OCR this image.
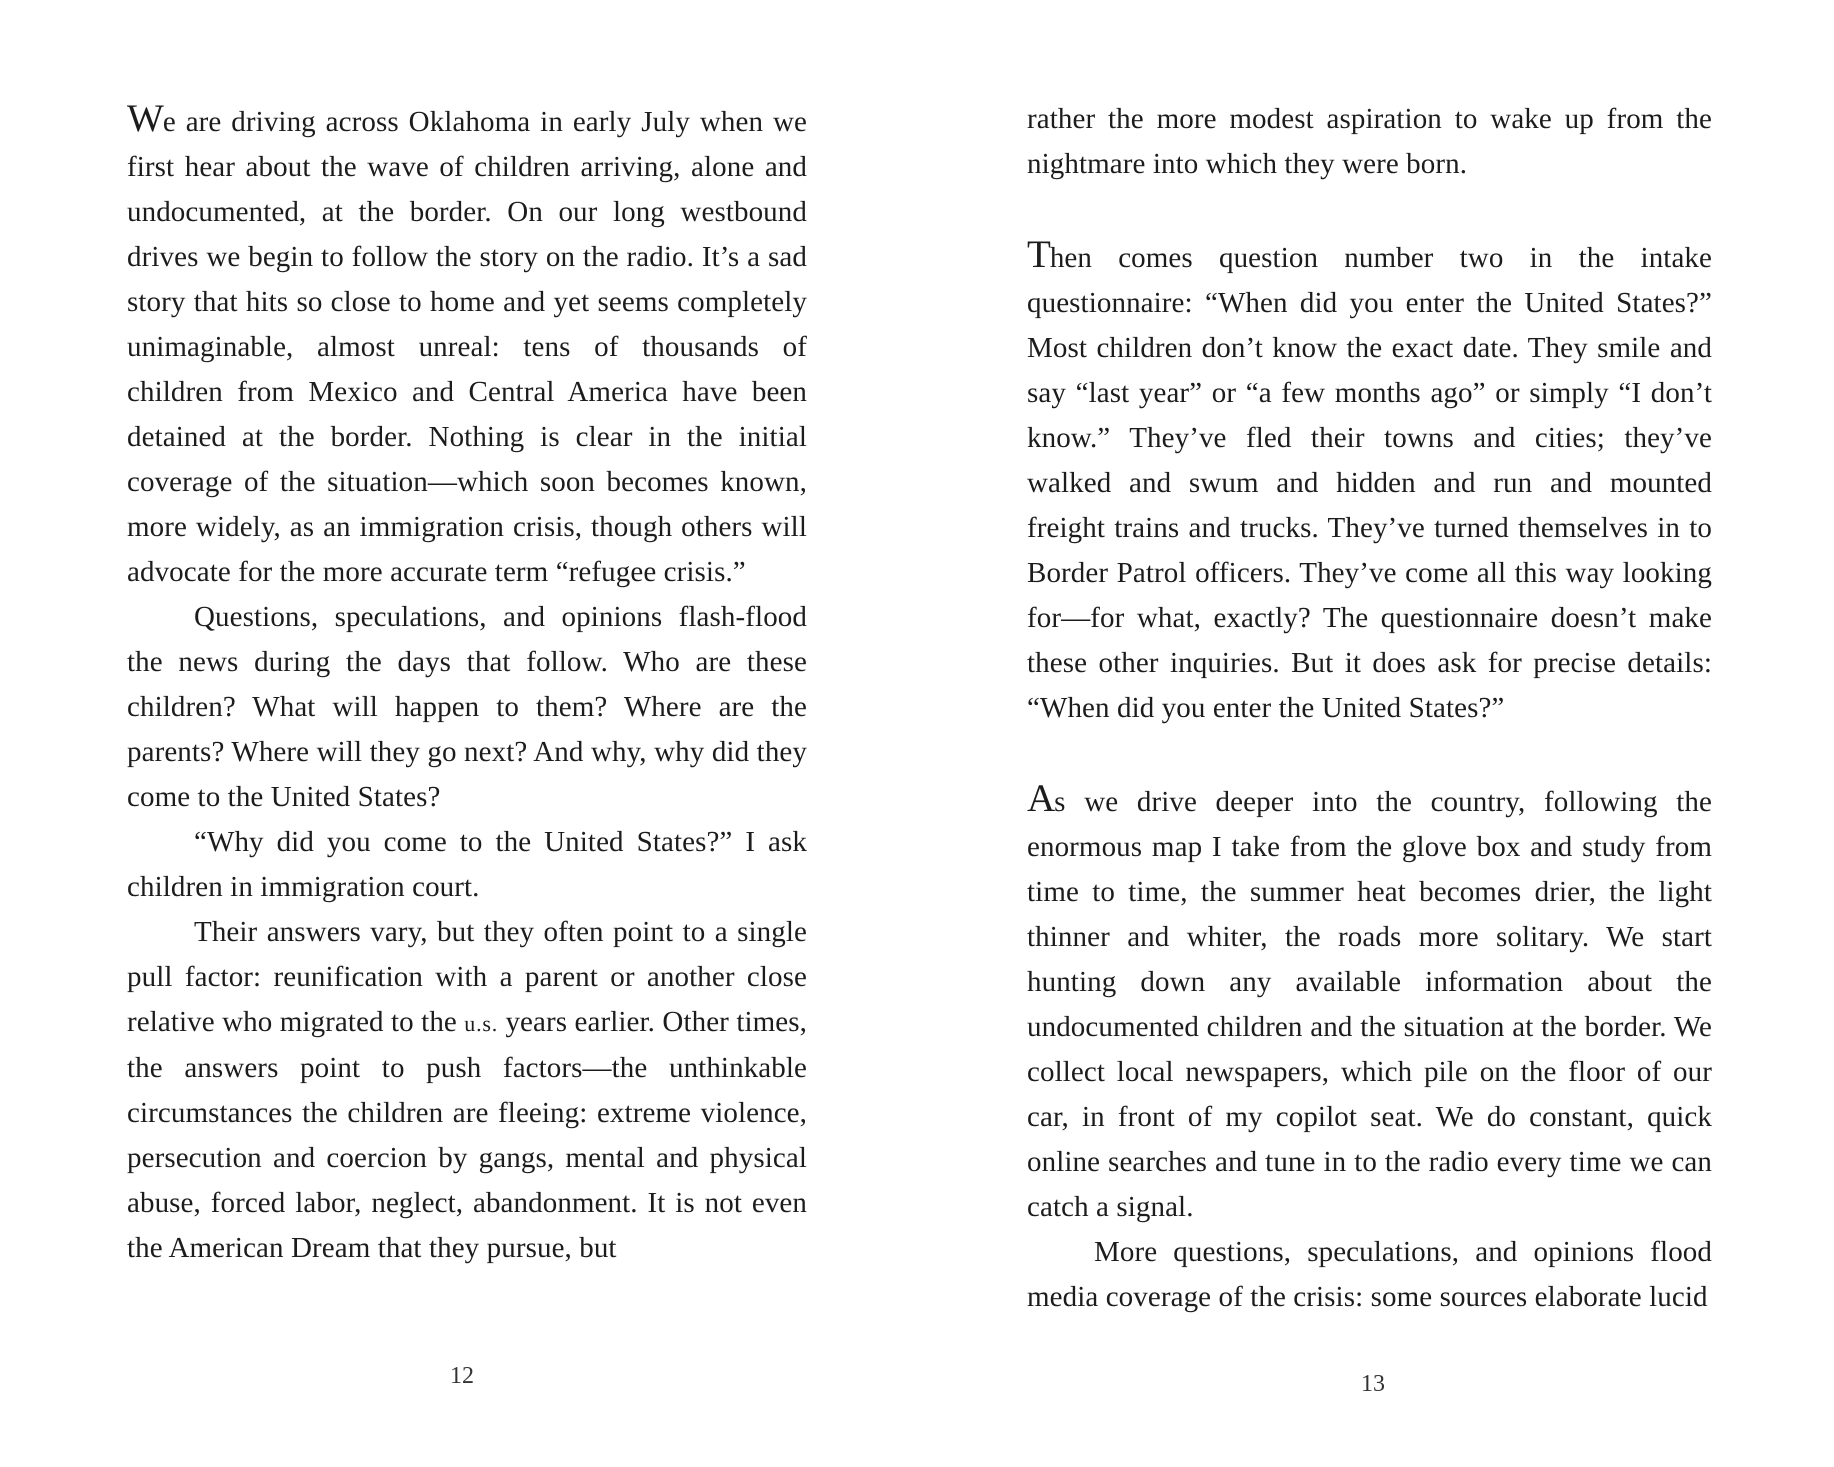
We are driving across Oklahoma in early July when we first hear about the wave of children arriving, alone and undocumented, at the border. On our long westbound drives we begin to follow the story on the radio. It’s a sad story that hits so close to home and yet seems completely unimaginable, almost unreal: tens of thousands of children from Mexico and Central America have been detained at the border. Nothing is clear in the initial coverage of the situation—which soon becomes known, more widely, as an immigration crisis, though others will advocate for the more accurate term “refugee crisis.”

Questions, speculations, and opinions flash-flood the news during the days that follow. Who are these children? What will happen to them? Where are the parents? Where will they go next? And why, why did they come to the United States?

“Why did you come to the United States?” I ask children in immigration court.

Their answers vary, but they often point to a single pull factor: reunification with a parent or another close relative who migrated to the u.s. years earlier. Other times, the answers point to push factors—the unthinkable circumstances the children are fleeing: extreme violence, persecution and coercion by gangs, mental and physical abuse, forced labor, neglect, abandonment. It is not even the American Dream that they pursue, but

12

rather the more modest aspiration to wake up from the nightmare into which they were born.

Then comes question number two in the intake questionnaire: “When did you enter the United States?” Most children don’t know the exact date. They smile and say “last year” or “a few months ago” or simply “I don’t know.” They’ve fled their towns and cities; they’ve walked and swum and hidden and run and mounted freight trains and trucks. They’ve turned themselves in to Border Patrol officers. They’ve come all this way looking for—for what, exactly? The questionnaire doesn’t make these other inquiries. But it does ask for precise details: “When did you enter the United States?”

As we drive deeper into the country, following the enormous map I take from the glove box and study from time to time, the summer heat becomes drier, the light thinner and whiter, the roads more solitary. We start hunting down any available information about the undocumented children and the situation at the border. We collect local newspapers, which pile on the floor of our car, in front of my copilot seat. We do constant, quick online searches and tune in to the radio every time we can catch a signal.

More questions, speculations, and opinions flood media coverage of the crisis: some sources elaborate lucid

13
